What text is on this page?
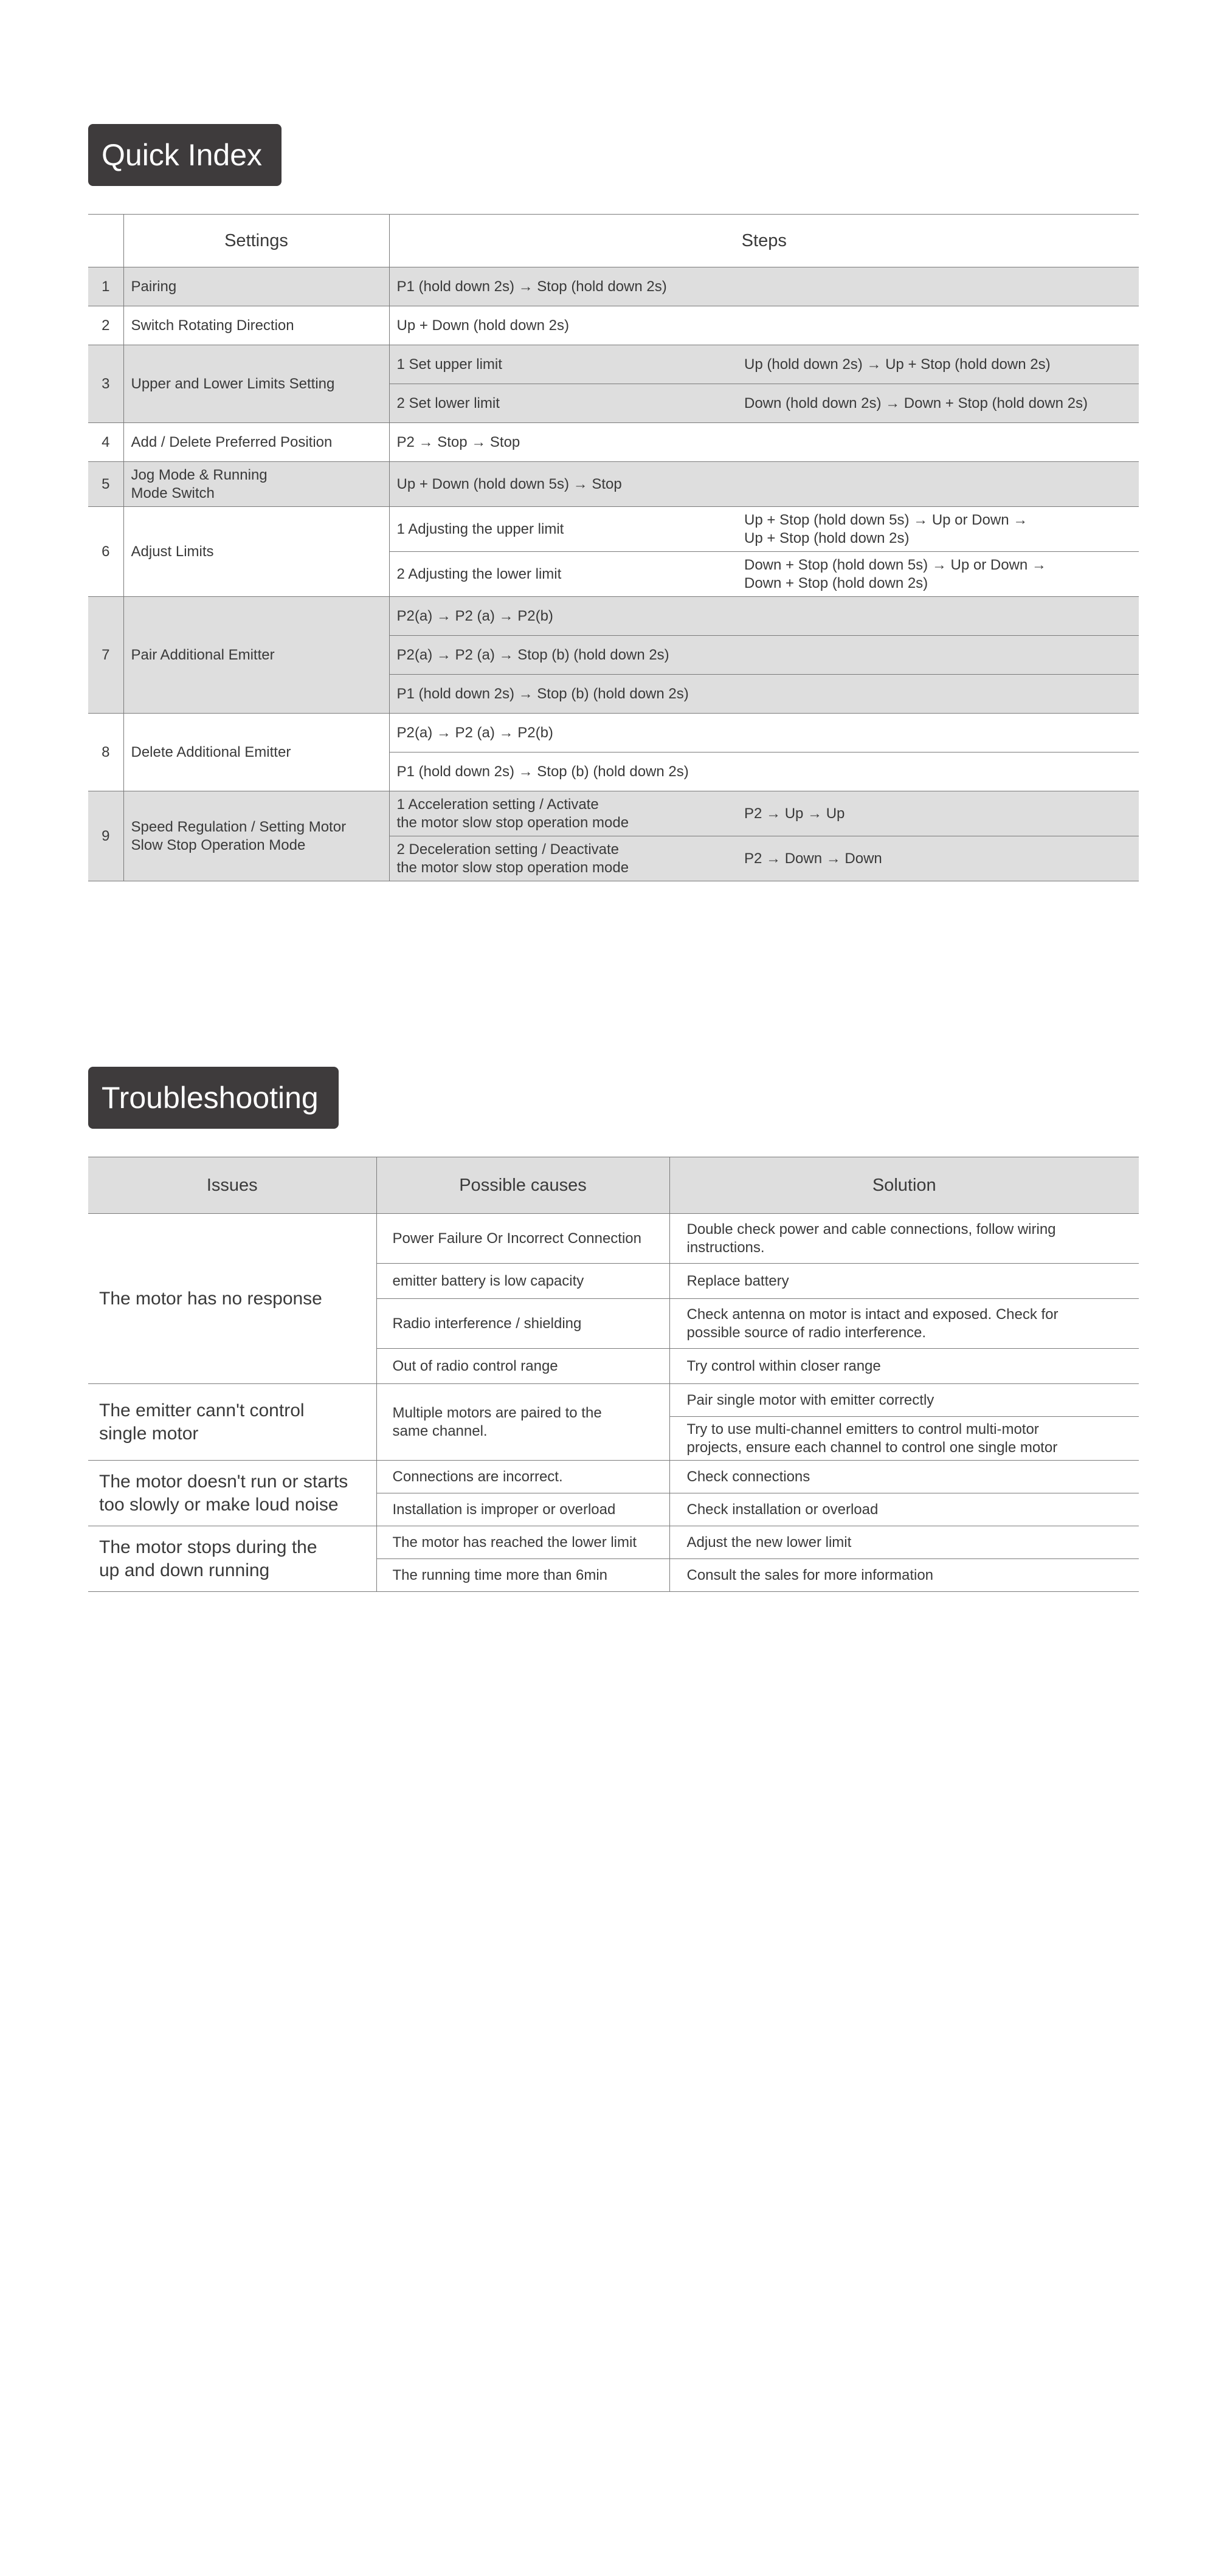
Quick Index
	Settings	Steps	
1	Pairing	P1 (hold down 2s) → Stop (hold down 2s)	
2	Switch Rotating Direction	Up + Down (hold down 2s)	
3	Upper and Lower Limits Setting	1 Set upper limit	Up (hold down 2s) → Up + Stop (hold down 2s)
		2 Set lower limit	Down (hold down 2s) → Down + Stop (hold down 2s)
4	Add / Delete Preferred Position	P2 → Stop → Stop	
5	Jog Mode & Running
Mode Switch	Up + Down (hold down 5s) → Stop	
6	Adjust Limits	1 Adjusting the upper limit	Up + Stop (hold down 5s) → Up or Down →
Up + Stop (hold down 2s)
		2 Adjusting the lower limit	Down + Stop (hold down 5s) → Up or Down →
Down + Stop (hold down 2s)
7	Pair Additional Emitter	P2(a) → P2 (a) → P2(b)	
		P2(a) → P2 (a) → Stop (b) (hold down 2s)	
		P1 (hold down 2s) → Stop (b) (hold down 2s)	
8	Delete Additional Emitter	P2(a) → P2 (a) → P2(b)	
		P1 (hold down 2s) → Stop (b) (hold down 2s)	
9	Speed Regulation / Setting Motor
Slow Stop Operation Mode	1 Acceleration setting / Activate
the motor slow stop operation mode	P2 → Up → Up
		2 Deceleration setting / Deactivate
the motor slow stop operation mode	P2 → Down → Down
Troubleshooting
Issues	Possible causes	Solution
The motor has no response	Power Failure Or Incorrect Connection	Double check power and cable connections, follow wiring
instructions.
	emitter battery is low capacity	Replace battery
	Radio interference / shielding	Check antenna on motor is intact and exposed. Check for
possible source of radio interference.
	Out of radio control range	Try control within closer range
The emitter cann't control
single motor	Multiple motors are paired to the
same channel.	Pair single motor with emitter correctly
		Try to use multi-channel emitters to control multi-motor
projects, ensure each channel to control one single motor
The motor doesn't run or starts
too slowly or make loud noise	Connections are incorrect.	Check connections
	Installation is improper or overload	Check installation or overload
The motor stops during the
up and down running	The motor has reached the lower limit	Adjust the new lower limit
	The running time more than 6min	Consult the sales for more information
